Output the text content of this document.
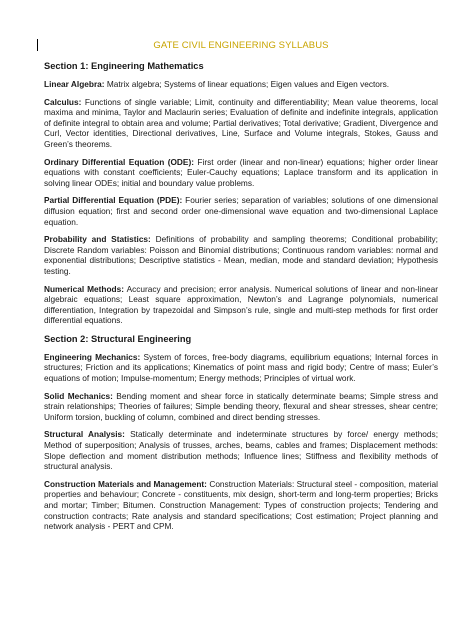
GATE CIVIL ENGINEERING SYLLABUS
Section 1: Engineering Mathematics

Linear Algebra: Matrix algebra; Systems of linear equations; Eigen values and Eigen vectors.

Calculus: Functions of single variable; Limit, continuity and differentiability; Mean value theorems, local maxima and minima, Taylor and Maclaurin series; Evaluation of definite and indefinite integrals, application of definite integral to obtain area and volume; Partial derivatives; Total derivative; Gradient, Divergence and Curl, Vector identities, Directional derivatives, Line, Surface and Volume integrals, Stokes, Gauss and Green’s theorems.

Ordinary Differential Equation (ODE): First order (linear and non-linear) equations; higher order linear equations with constant coefficients; Euler-Cauchy equations; Laplace transform and its application in solving linear ODEs; initial and boundary value problems.

Partial Differential Equation (PDE): Fourier series; separation of variables; solutions of one dimensional diffusion equation; first and second order one-dimensional wave equation and two-dimensional Laplace equation.

Probability and Statistics: Definitions of probability and sampling theorems; Conditional probability; Discrete Random variables: Poisson and Binomial distributions; Continuous random variables: normal and exponential distributions; Descriptive statistics - Mean, median, mode and standard deviation; Hypothesis testing.

Numerical Methods: Accuracy and precision; error analysis. Numerical solutions of linear and non-linear algebraic equations; Least square approximation, Newton’s and Lagrange polynomials, numerical differentiation, Integration by trapezoidal and Simpson’s rule, single and multi-step methods for first order differential equations.

Section 2: Structural Engineering

Engineering Mechanics: System of forces, free-body diagrams, equilibrium equations; Internal forces in structures; Friction and its applications; Kinematics of point mass and rigid body; Centre of mass; Euler’s equations of motion; Impulse-momentum; Energy methods; Principles of virtual work.

Solid Mechanics: Bending moment and shear force in statically determinate beams; Simple stress and strain relationships; Theories of failures; Simple bending theory, flexural and shear stresses, shear centre; Uniform torsion, buckling of column, combined and direct bending stresses.

Structural Analysis: Statically determinate and indeterminate structures by force/ energy methods; Method of superposition; Analysis of trusses, arches, beams, cables and frames; Displacement methods: Slope deflection and moment distribution methods; Influence lines; Stiffness and flexibility methods of structural analysis.

Construction Materials and Management: Construction Materials: Structural steel - composition, material properties and behaviour; Concrete - constituents, mix design, short-term and long-term properties; Bricks and mortar; Timber; Bitumen. Construction Management: Types of construction projects; Tendering and construction contracts; Rate analysis and standard specifications; Cost estimation; Project planning and network analysis - PERT and CPM.
